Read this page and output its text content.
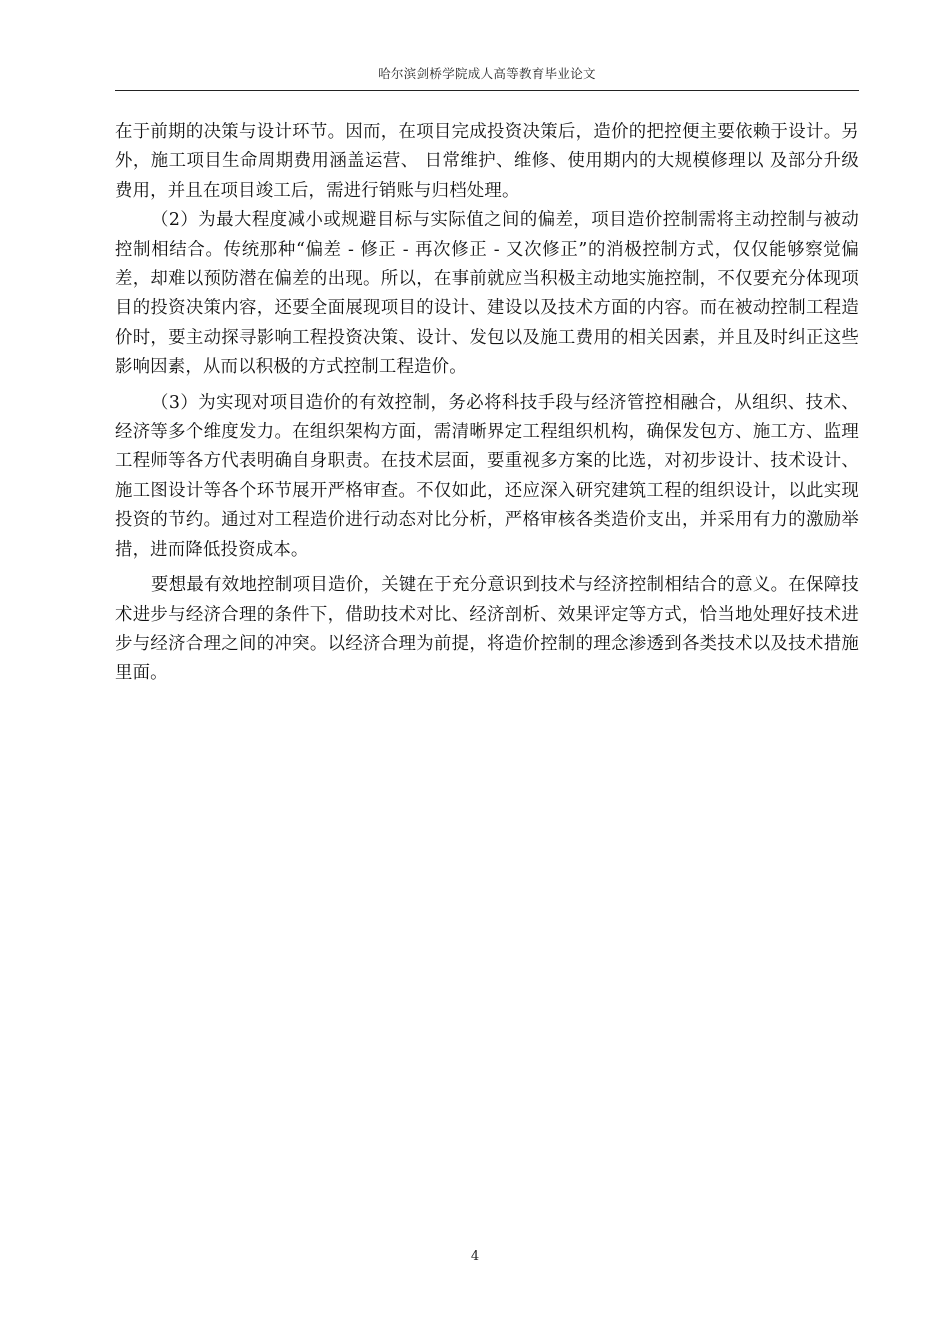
哈尔滨剑桥学院成人高等教育毕业论文

在于前期的决策与设计环节。因而，在项目完成投资决策后，造价的把控便主要依赖于设计。另外，施工项目生命周期费用涵盖运营、 日常维护、维修、使用期内的大规模修理以 及部分升级费用，并且在项目竣工后，需进行销账与归档处理。

（2）为最大程度减小或规避目标与实际值之间的偏差，项目造价控制需将主动控制与被动控制相结合。传统那种“偏差 - 修正 - 再次修正 - 又次修正”的消极控制方式，仅仅能够察觉偏差，却难以预防潜在偏差的出现。所以，在事前就应当积极主动地实施控制，不仅要充分体现项目的投资决策内容，还要全面展现项目的设计、建设以及技术方面的内容。而在被动控制工程造价时，要主动探寻影响工程投资决策、设计、发包以及施工费用的相关因素，并且及时纠正这些影响因素，从而以积极的方式控制工程造价。

（3）为实现对项目造价的有效控制，务必将科技手段与经济管控相融合，从组织、技术、经济等多个维度发力。在组织架构方面，需清晰界定工程组织机构，确保发包方、施工方、监理工程师等各方代表明确自身职责。在技术层面，要重视多方案的比选，对初步设计、技术设计、施工图设计等各个环节展开严格审查。不仅如此，还应深入研究建筑工程的组织设计，以此实现投资的节约。通过对工程造价进行动态对比分析，严格审核各类造价支出，并采用有力的激励举措，进而降低投资成本。

要想最有效地控制项目造价，关键在于充分意识到技术与经济控制相结合的意义。在保障技术进步与经济合理的条件下，借助技术对比、经济剖析、效果评定等方式，恰当地处理好技术进步与经济合理之间的冲突。以经济合理为前提，将造价控制的理念渗透到各类技术以及技术措施里面。

4
